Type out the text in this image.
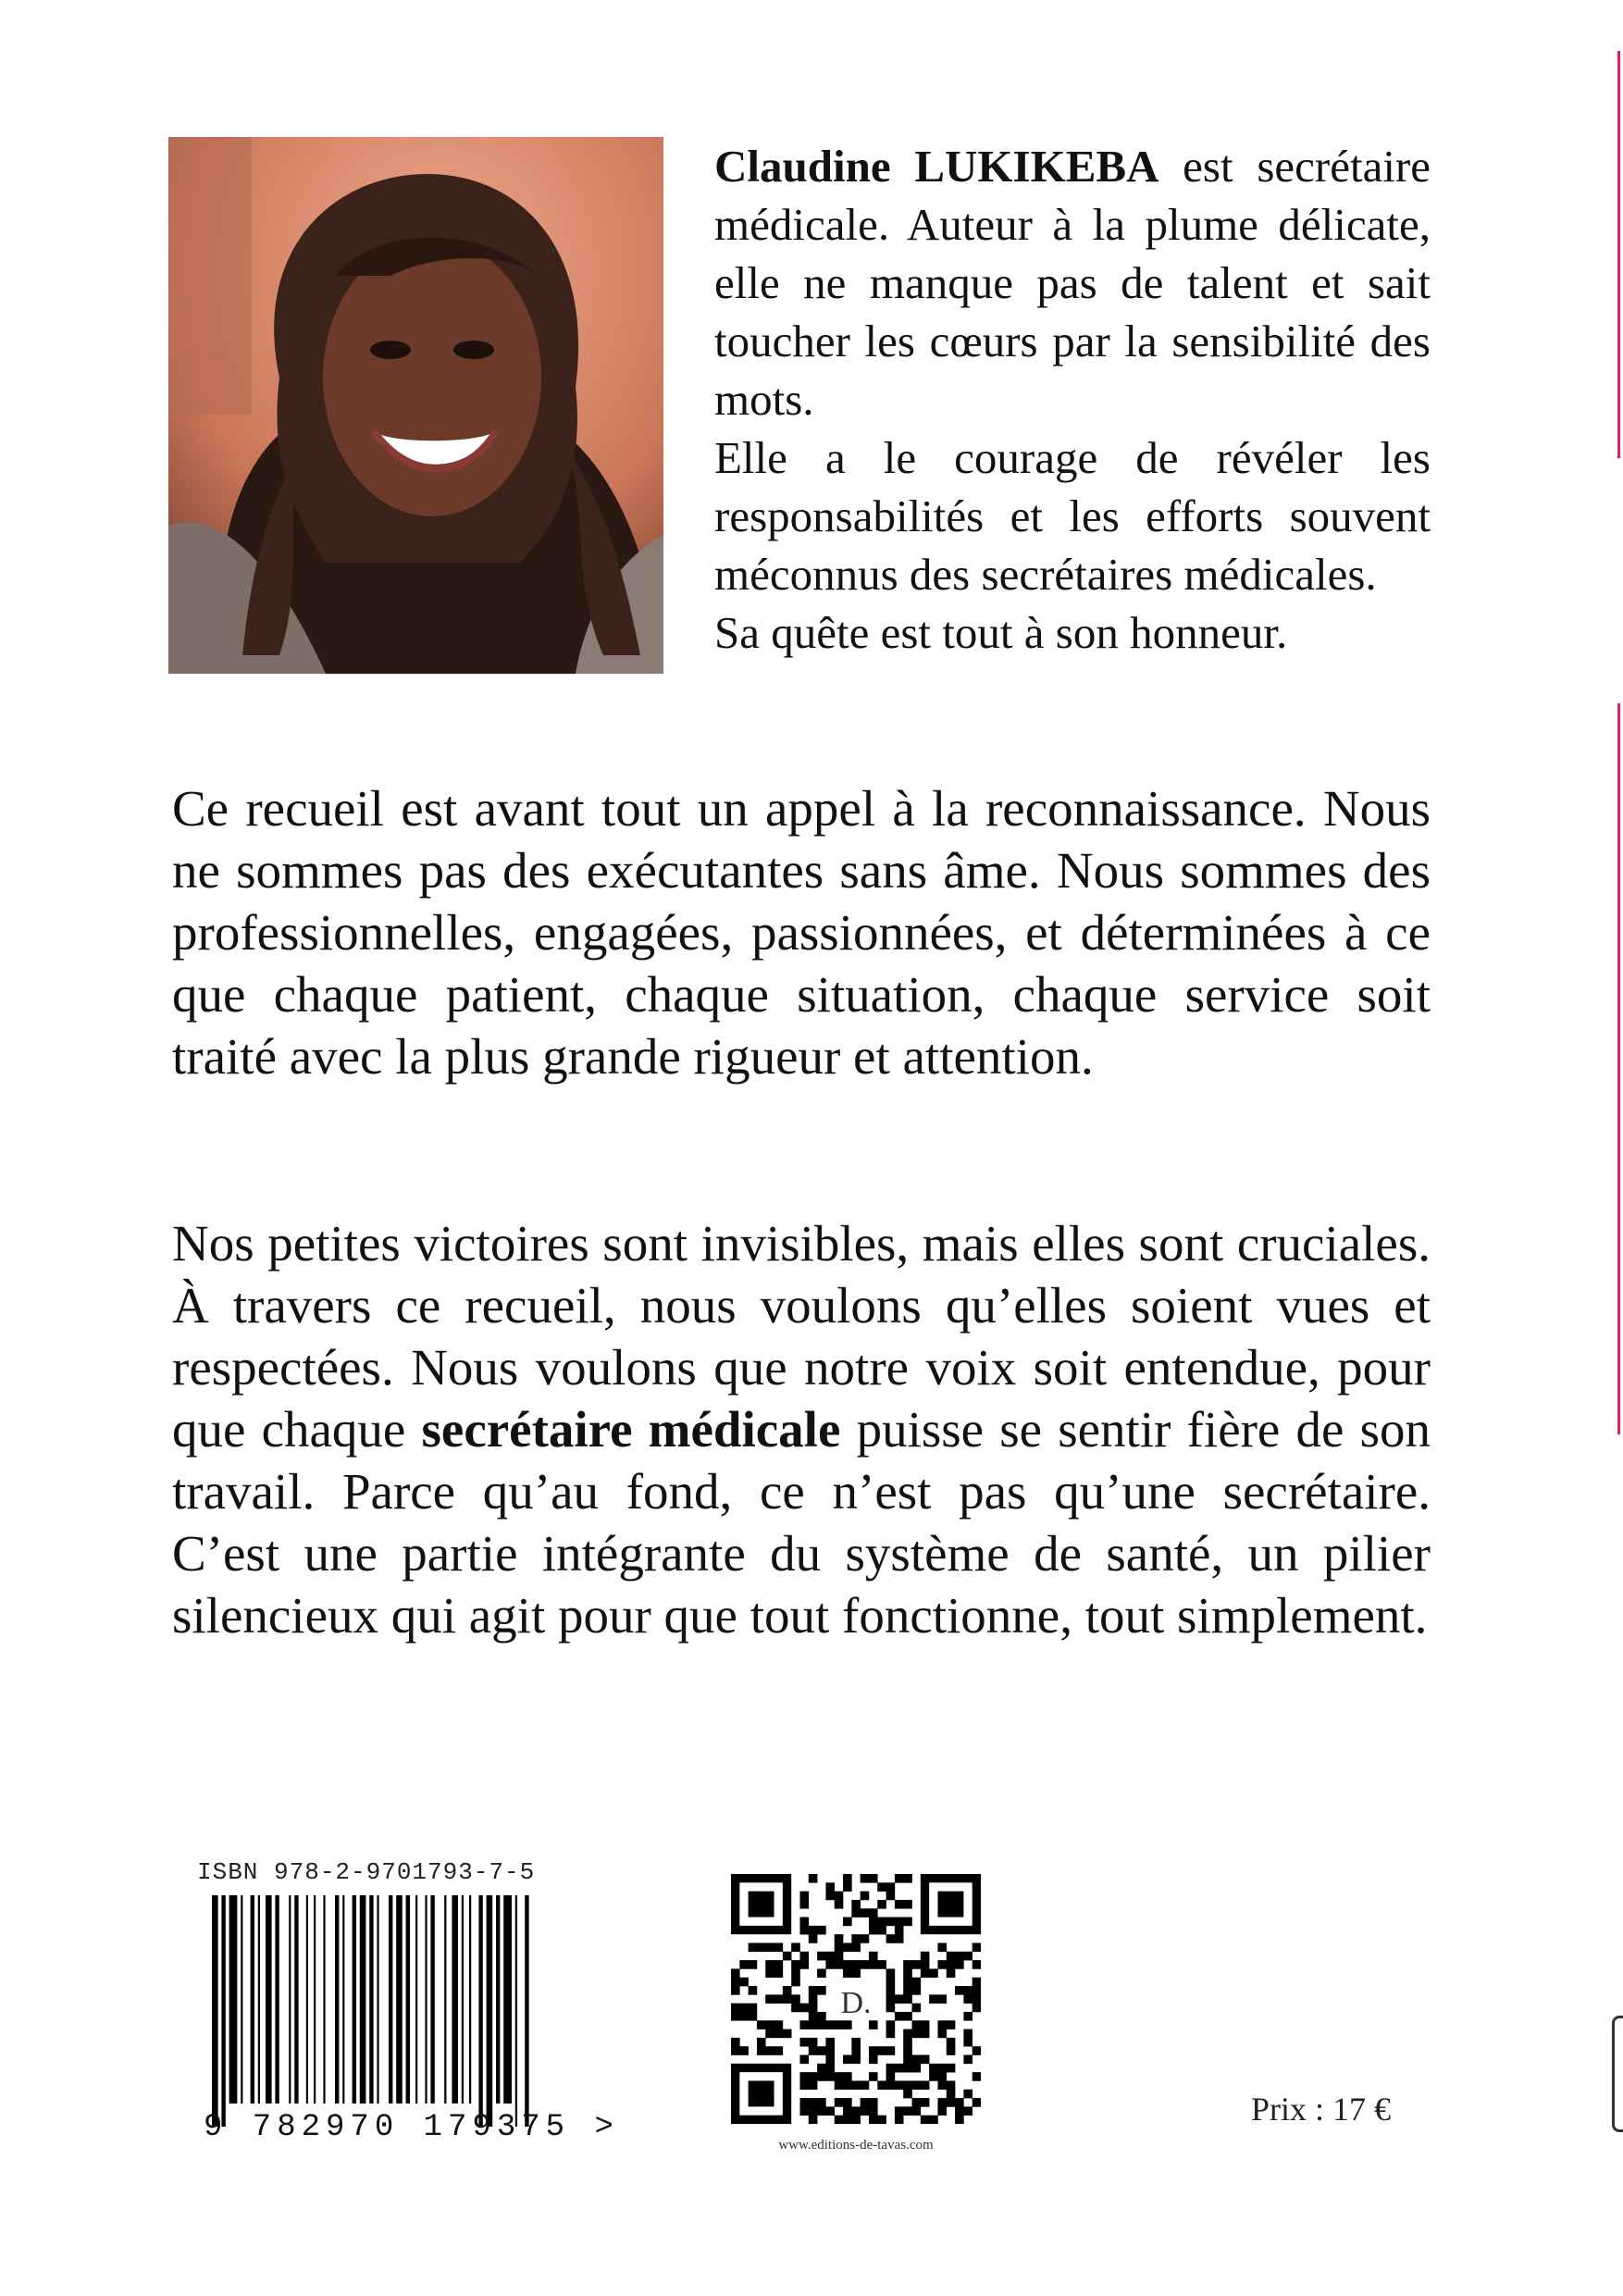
Claudine LUKIKEBA est secrétaire médicale. Auteur à la plume délicate, elle ne manque pas de talent et sait toucher les cœurs par la sensibilité des mots.

Elle a le courage de révéler les responsabilités et les efforts souvent méconnus des secrétaires médicales.

Sa quête est tout à son honneur.

Ce recueil est avant tout un appel à la reconnaissance. Nous ne sommes pas des exécutantes sans âme. Nous sommes des professionnelles, engagées, passionnées, et déterminées à ce que chaque patient, chaque situation, chaque service soit traité avec la plus grande rigueur et attention.

Nos petites victoires sont invisibles, mais elles sont cruciales. À travers ce recueil, nous voulons qu’elles soient vues et respectées. Nous voulons que notre voix soit entendue, pour que chaque secrétaire médicale puisse se sentir fière de son travail. Parce qu’au fond, ce n’est pas qu’une secrétaire. C’est une partie intégrante du système de santé, un pilier silencieux qui agit pour que tout fonctionne, tout simplement.

ISBN 978-2-9701793-7-5
9 782970 179375 >
D.
www.editions-de-tavas.com
Prix : 17 €
